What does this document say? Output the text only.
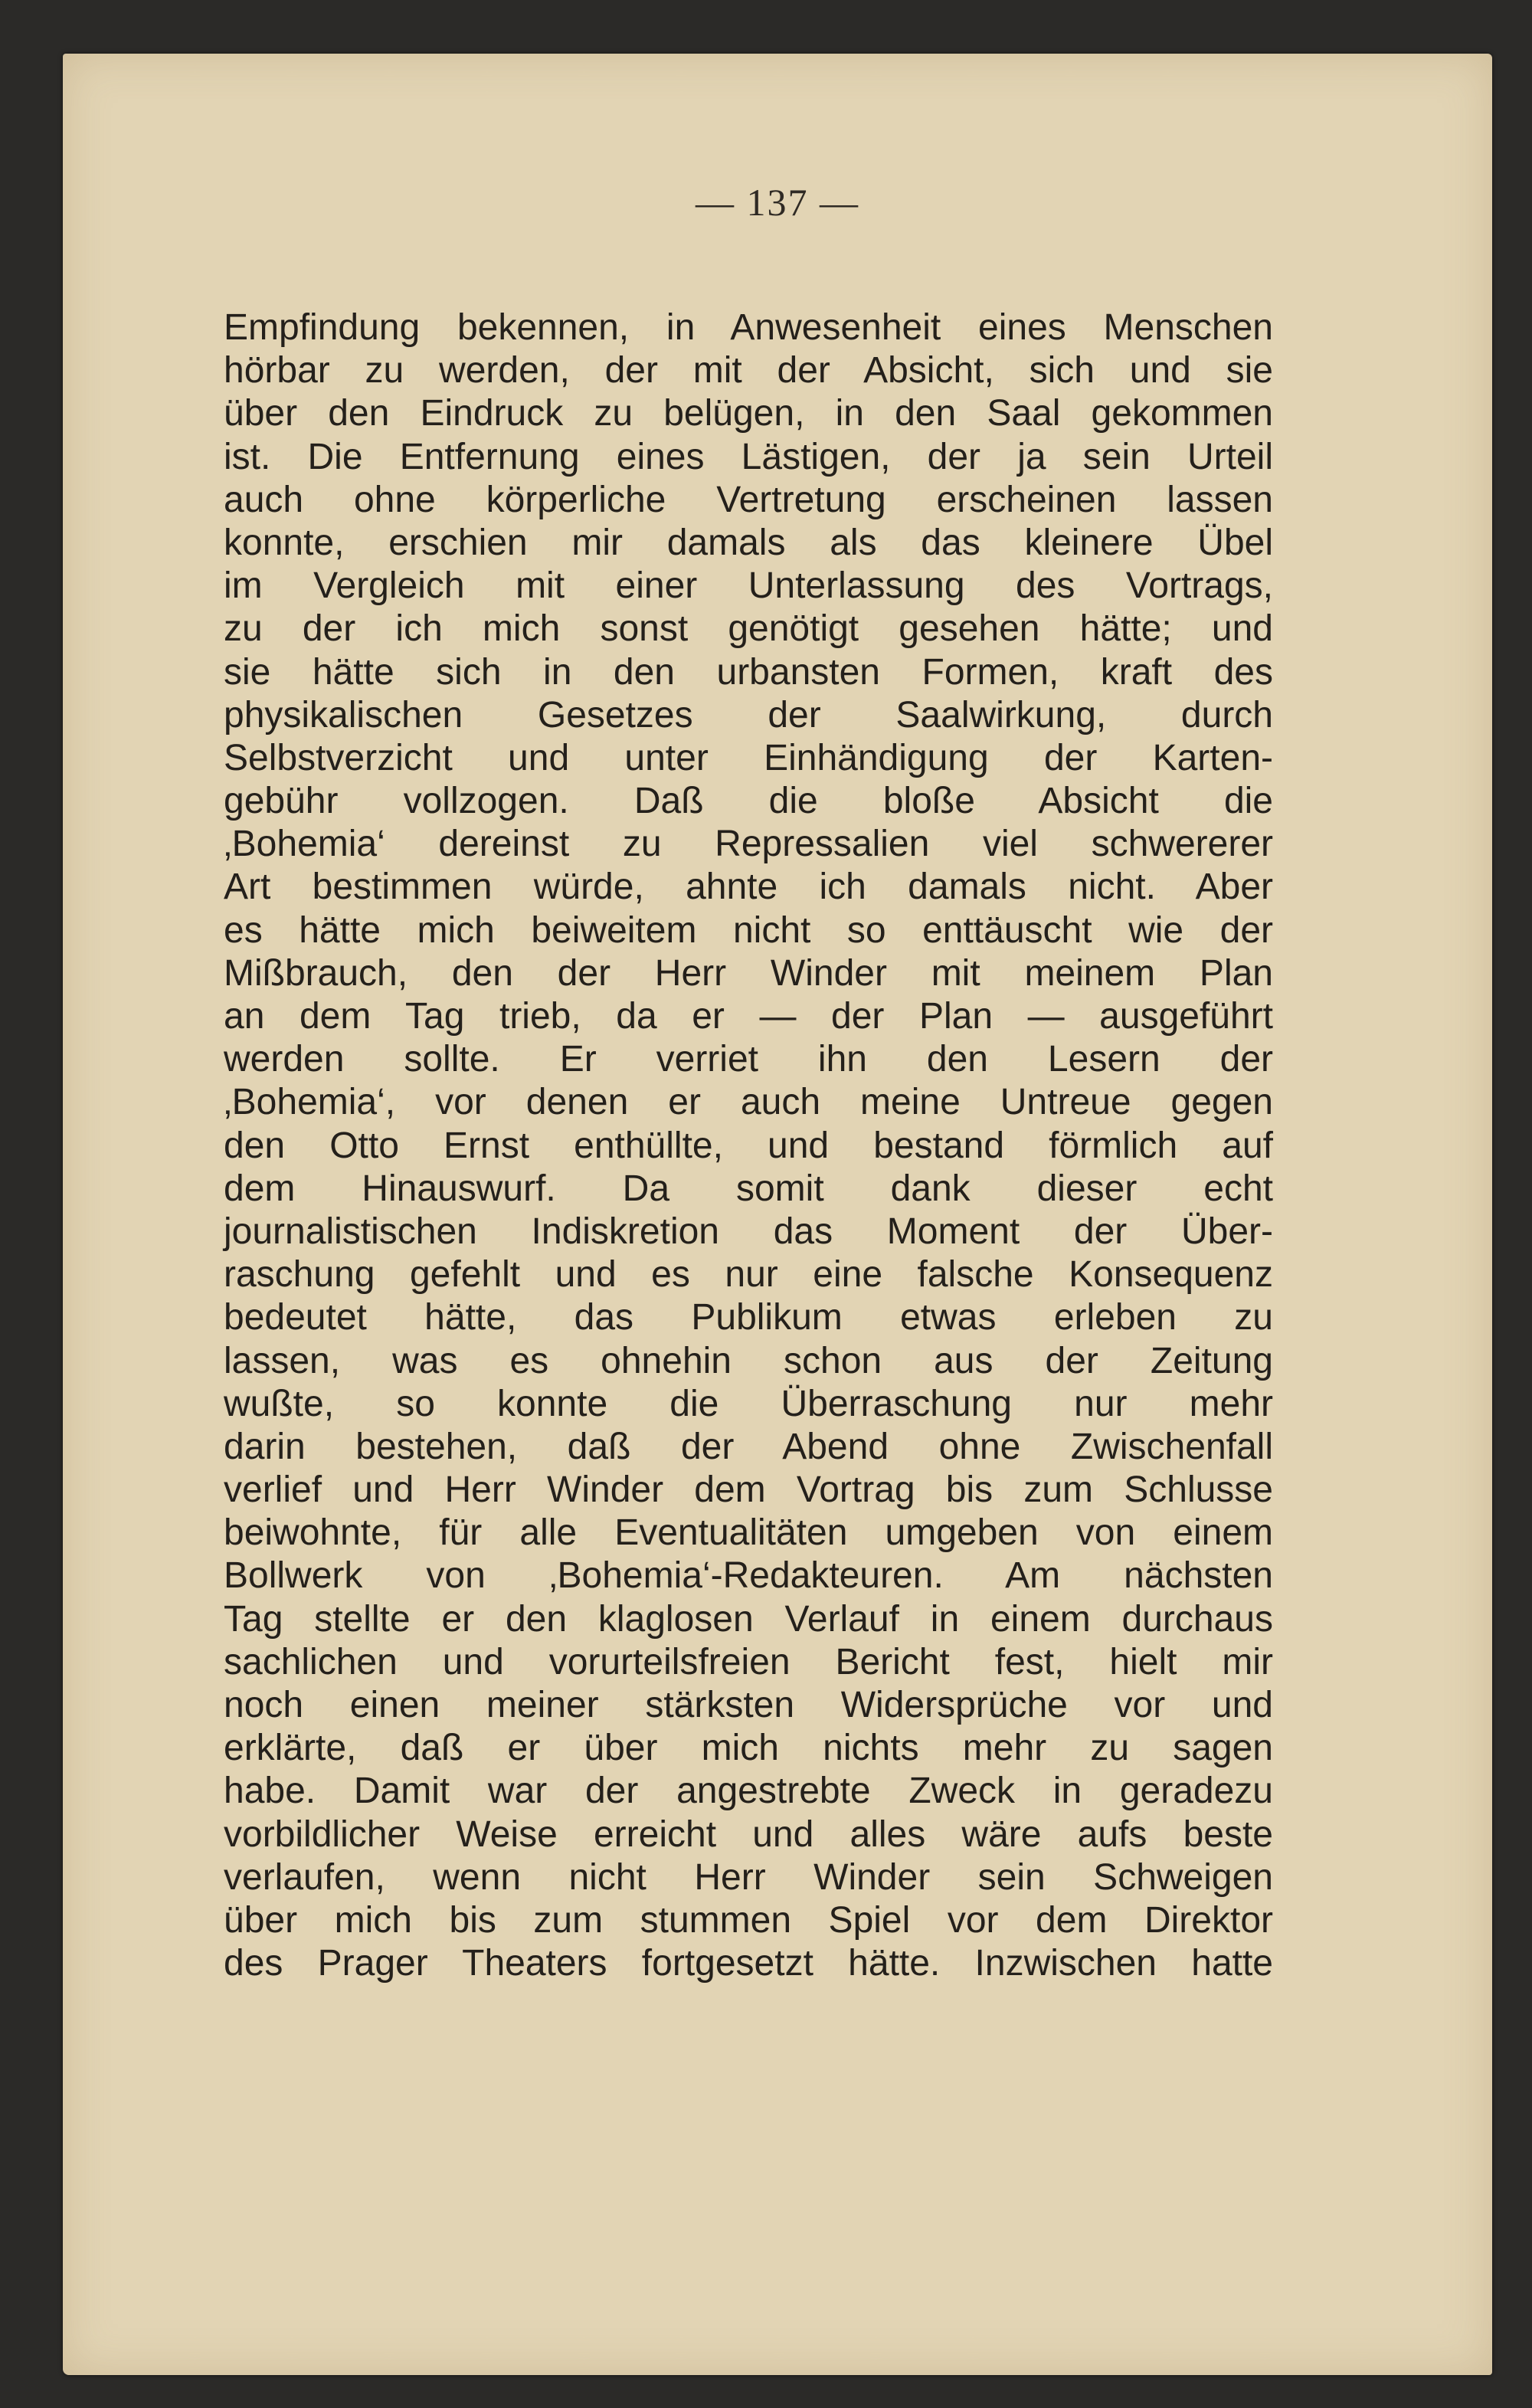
— 137 —
Empfindung bekennen, in Anwesenheit eines Menschen
hörbar zu werden, der mit der Absicht, sich und sie
über den Eindruck zu belügen, in den Saal gekommen
ist. Die Entfernung eines Lästigen, der ja sein Urteil
auch ohne körperliche Vertretung erscheinen lassen
konnte, erschien mir damals als das kleinere Übel
im Vergleich mit einer Unterlassung des Vortrags,
zu der ich mich sonst genötigt gesehen hätte; und
sie hätte sich in den urbansten Formen, kraft des
physikalischen Gesetzes der Saalwirkung, durch
Selbstverzicht und unter Einhändigung der Karten-
gebühr vollzogen. Daß die bloße Absicht die
‚Bohemia‘ dereinst zu Repressalien viel schwererer
Art bestimmen würde, ahnte ich damals nicht. Aber
es hätte mich beiweitem nicht so enttäuscht wie der
Mißbrauch, den der Herr Winder mit meinem Plan
an dem Tag trieb, da er — der Plan — ausgeführt
werden sollte. Er verriet ihn den Lesern der
‚Bohemia‘, vor denen er auch meine Untreue gegen
den Otto Ernst enthüllte, und bestand förmlich auf
dem Hinauswurf. Da somit dank dieser echt
journalistischen Indiskretion das Moment der Über-
raschung gefehlt und es nur eine falsche Konsequenz
bedeutet hätte, das Publikum etwas erleben zu
lassen, was es ohnehin schon aus der Zeitung
wußte, so konnte die Überraschung nur mehr
darin bestehen, daß der Abend ohne Zwischenfall
verlief und Herr Winder dem Vortrag bis zum Schlusse
beiwohnte, für alle Eventualitäten umgeben von einem
Bollwerk von ‚Bohemia‘-Redakteuren. Am nächsten
Tag stellte er den klaglosen Verlauf in einem durchaus
sachlichen und vorurteilsfreien Bericht fest, hielt mir
noch einen meiner stärksten Widersprüche vor und
erklärte, daß er über mich nichts mehr zu sagen
habe. Damit war der angestrebte Zweck in geradezu
vorbildlicher Weise erreicht und alles wäre aufs beste
verlaufen, wenn nicht Herr Winder sein Schweigen
über mich bis zum stummen Spiel vor dem Direktor
des Prager Theaters fortgesetzt hätte. Inzwischen hatte
